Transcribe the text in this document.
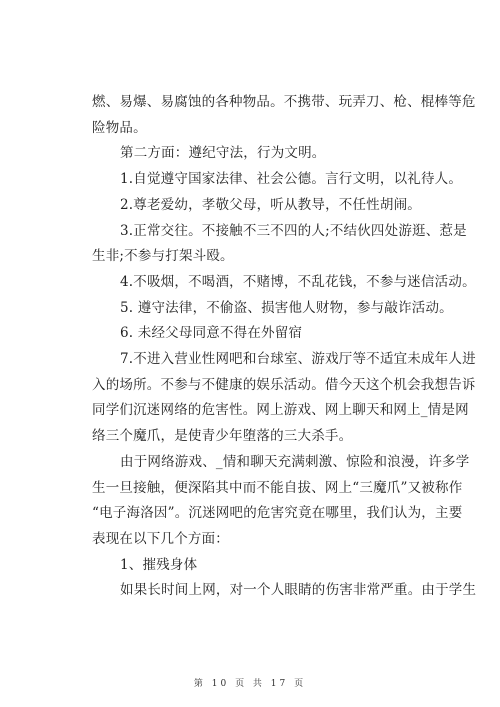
燃、易爆、易腐蚀的各种物品。不携带、玩弄刀、枪、棍棒等危
险物品。
第二方面：遵纪守法，行为文明。
1.自觉遵守国家法律、社会公德。言行文明，以礼待人。
2.尊老爱幼，孝敬父母，听从教导，不任性胡闹。
3.正常交往。不接触不三不四的人;不结伙四处游逛、惹是
生非;不参与打架斗殴。
4.不吸烟，不喝酒，不赌博，不乱花钱，不参与迷信活动。
5. 遵守法律，不偷盗、损害他人财物，参与敲诈活动。
6. 未经父母同意不得在外留宿
7.不进入营业性网吧和台球室、游戏厅等不适宜未成年人进
入的场所。不参与不健康的娱乐活动。借今天这个机会我想告诉
同学们沉迷网络的危害性。网上游戏、网上聊天和网上_情是网
络三个魔爪，是使青少年堕落的三大杀手。
由于网络游戏、_情和聊天充满刺激、惊险和浪漫，许多学
生一旦接触，便深陷其中而不能自拔、网上“三魔爪”又被称作
“电子海洛因”。沉迷网吧的危害究竟在哪里，我们认为，主要
表现在以下几个方面：
1、摧残身体
如果长时间上网，对一个人眼睛的伤害非常严重。由于学生
第 10 页 共 17 页
